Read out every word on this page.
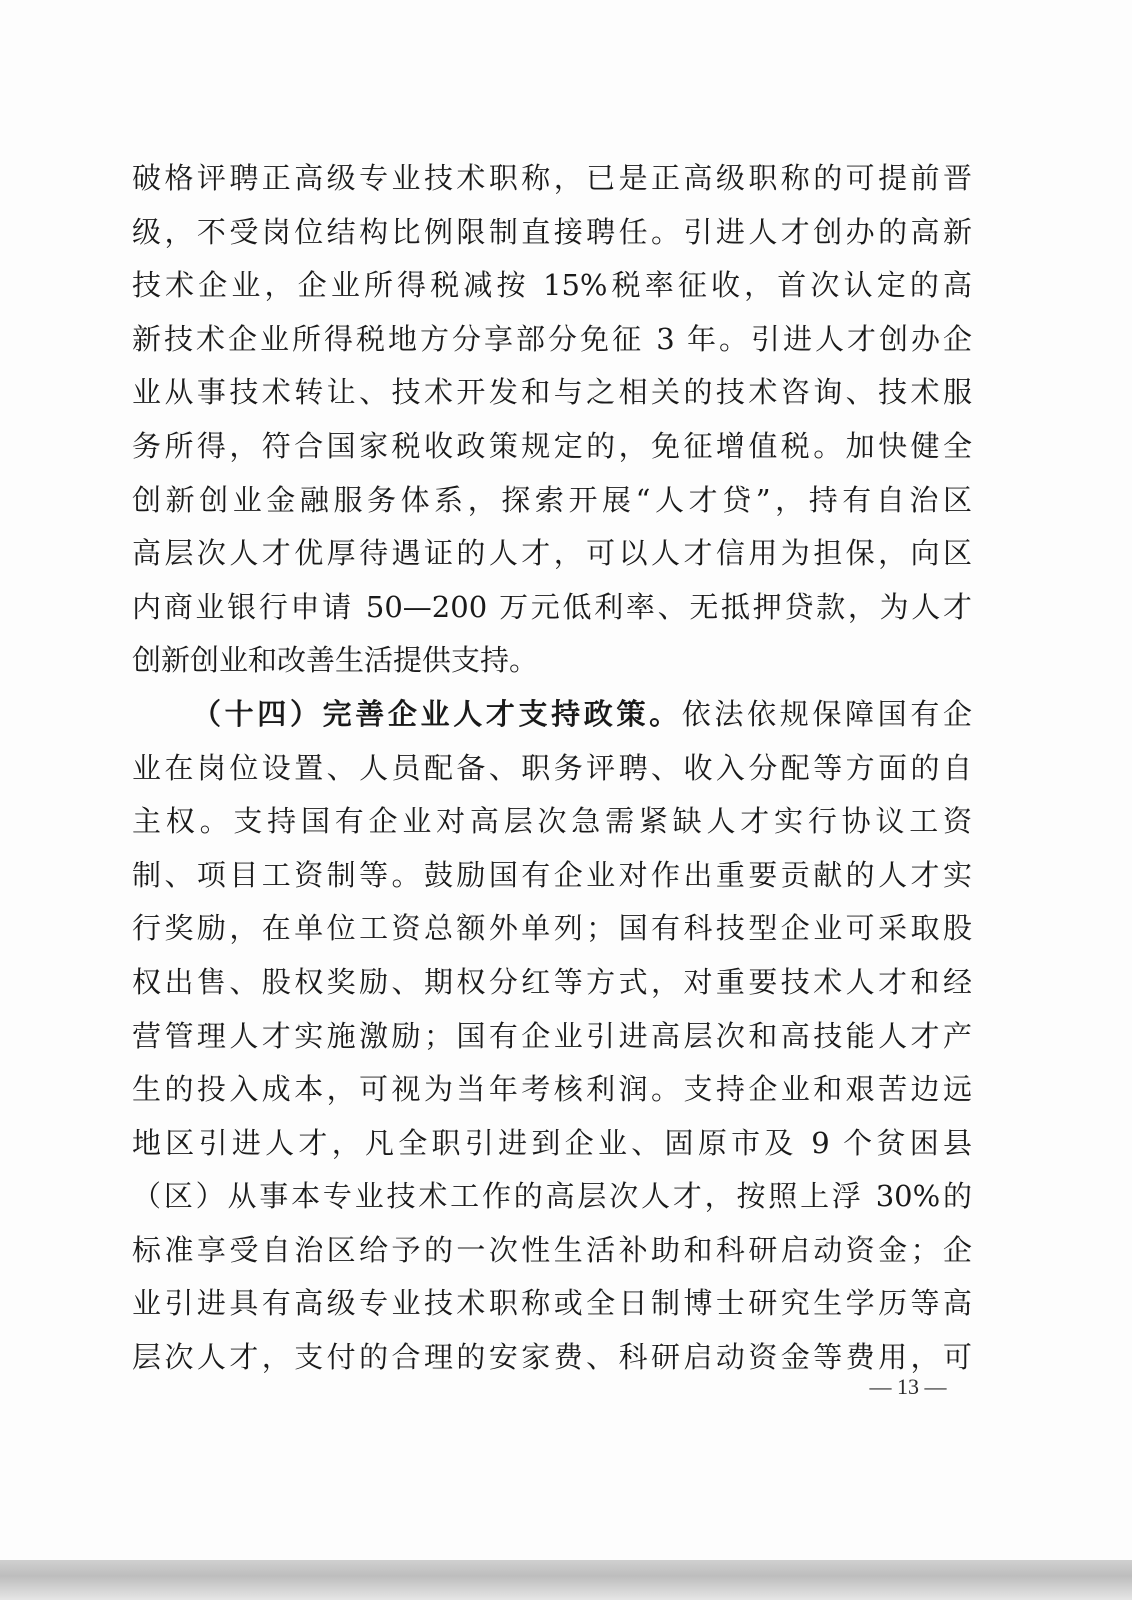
破格评聘正高级专业技术职称，已是正高级职称的可提前晋
级，不受岗位结构比例限制直接聘任。引进人才创办的高新
技术企业，企业所得税减按 15%税率征收，首次认定的高
新技术企业所得税地方分享部分免征 3 年。引进人才创办企
业从事技术转让、技术开发和与之相关的技术咨询、技术服
务所得，符合国家税收政策规定的，免征增值税。加快健全
创新创业金融服务体系，探索开展“人才贷”，持有自治区
高层次人才优厚待遇证的人才，可以人才信用为担保，向区
内商业银行申请 50—200 万元低利率、无抵押贷款，为人才
创新创业和改善生活提供支持。
（十四）完善企业人才支持政策。依法依规保障国有企
业在岗位设置、人员配备、职务评聘、收入分配等方面的自
主权。支持国有企业对高层次急需紧缺人才实行协议工资
制、项目工资制等。鼓励国有企业对作出重要贡献的人才实
行奖励，在单位工资总额外单列；国有科技型企业可采取股
权出售、股权奖励、期权分红等方式，对重要技术人才和经
营管理人才实施激励；国有企业引进高层次和高技能人才产
生的投入成本，可视为当年考核利润。支持企业和艰苦边远
地区引进人才，凡全职引进到企业、固原市及 9 个贫困县
（区）从事本专业技术工作的高层次人才，按照上浮 30%的
标准享受自治区给予的一次性生活补助和科研启动资金；企
业引进具有高级专业技术职称或全日制博士研究生学历等高
层次人才，支付的合理的安家费、科研启动资金等费用，可
— 13 —
